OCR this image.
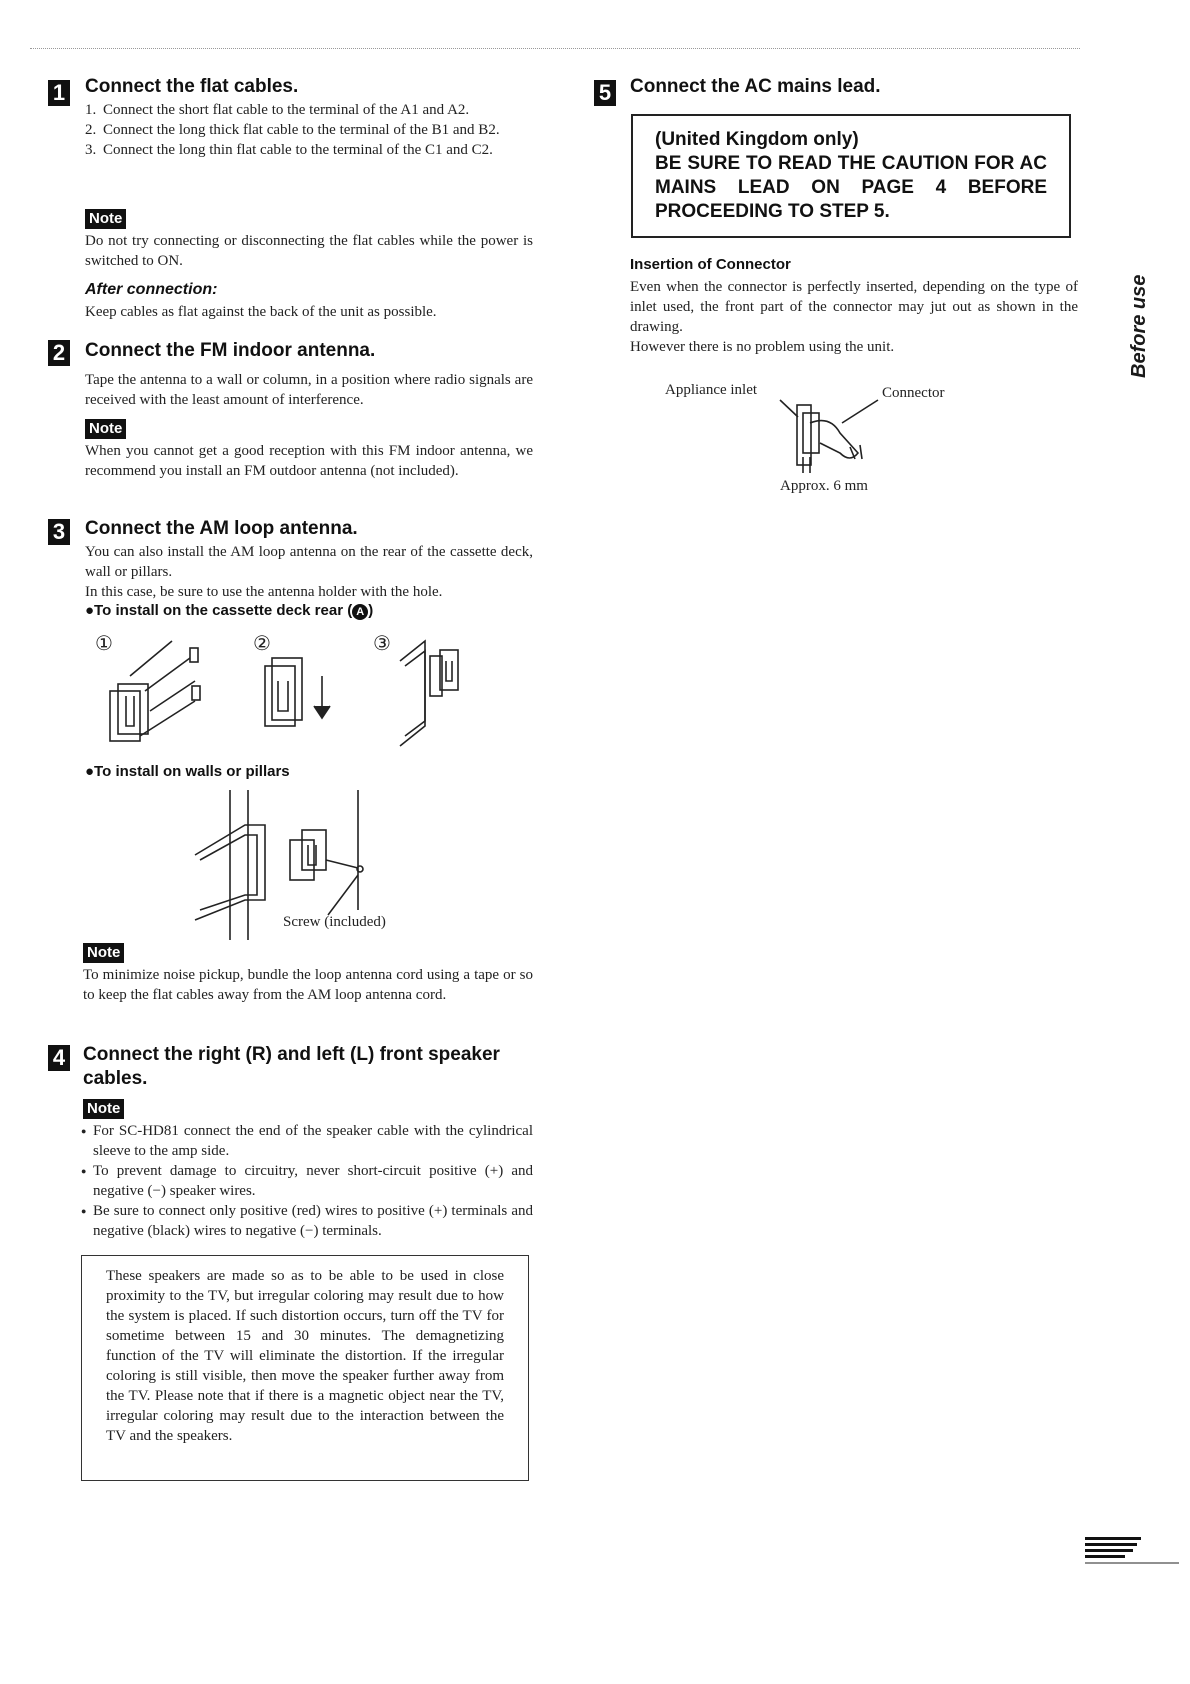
1 Connect the flat cables.
1. Connect the short flat cable to the terminal of the A1 and A2.
2. Connect the long thick flat cable to the terminal of the B1 and B2.
3. Connect the long thin flat cable to the terminal of the C1 and C2.
Note
Do not try connecting or disconnecting the flat cables while the power is switched to ON.
After connection:
Keep cables as flat against the back of the unit as possible.
2 Connect the FM indoor antenna.
Tape the antenna to a wall or column, in a position where radio signals are received with the least amount of interference.
Note
When you cannot get a good reception with this FM indoor antenna, we recommend you install an FM outdoor antenna (not included).
3 Connect the AM loop antenna.
You can also install the AM loop antenna on the rear of the cassette deck, wall or pillars.
In this case, be sure to use the antenna holder with the hole.
●To install on the cassette deck rear ( A )
①	②	③
●To install on walls or pillars
Screw (included)
Note
To minimize noise pickup, bundle the loop antenna cord using a tape or so to keep the flat cables away from the AM loop antenna cord.
4 Connect the right (R) and left (L) front speaker
cables.
Note
● For SC-HD81 connect the end of the speaker cable with the cylindrical sleeve to the amp side.
● To prevent damage to circuitry, never short-circuit positive (+) and negative (−) speaker wires.
● Be sure to connect only positive (red) wires to positive (+) terminals and negative (black) wires to negative (−) terminals.
These speakers are made so as to be able to be used in close proximity to the TV, but irregular coloring may result due to how the system is placed. If such distortion occurs, turn off the TV for sometime between 15 and 30 minutes. The demagnetizing function of the TV will eliminate the distortion. If the irregular coloring is still visible, then move the speaker further away from the TV. Please note that if there is a magnetic object near the TV, irregular coloring may result due to the interaction between the TV and the speakers.
5 Connect the AC mains lead.
(United Kingdom only)
BE SURE TO READ THE CAUTION FOR AC MAINS LEAD ON PAGE 4 BEFORE PROCEEDING TO STEP 5.
Insertion of Connector
Even when the connector is perfectly inserted, depending on the type of inlet used, the front part of the connector may jut out as shown in the drawing.
However there is no problem using the unit.
Appliance inlet	Connector
Approx. 6 mm
Before use
